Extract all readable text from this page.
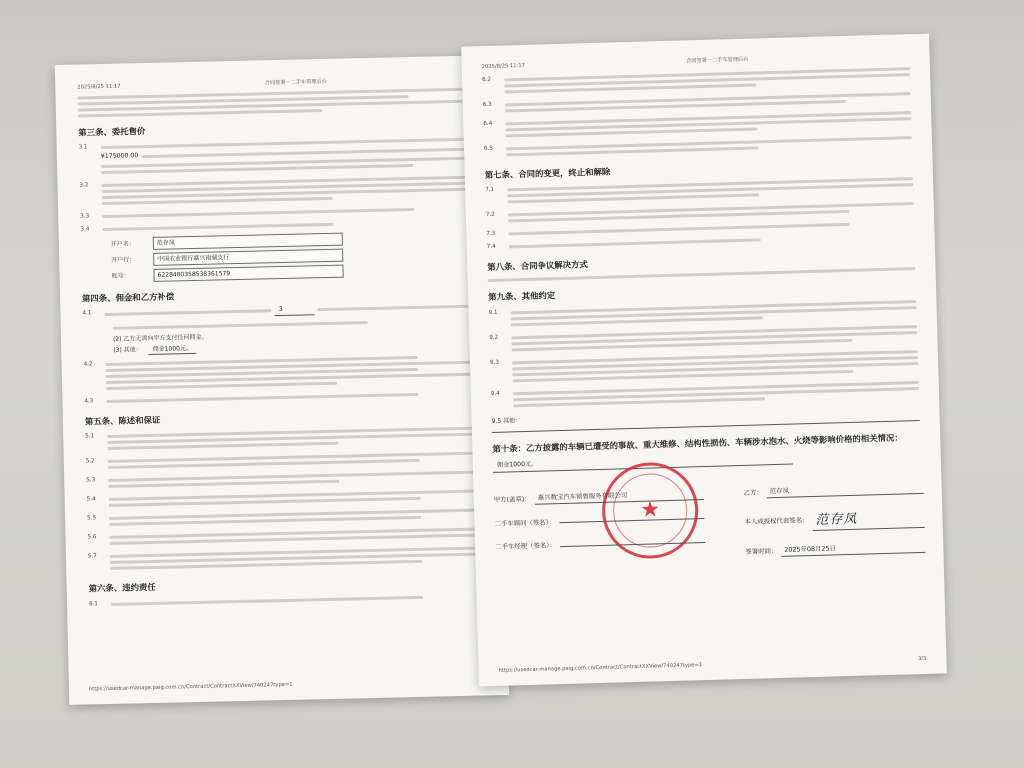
2025/8/25 11:17
合同签署－二手车管理后台
第三条、委托售价
3.1
¥175000.00
3.2
3.3
3.4
开户名：	范存凤
开户行：	中国农业银行嘉兴南湖支行
账号：	6228480358538361579
第四条、佣金和乙方补偿
4.1
3
(2) 乙方无需向甲方支付任何佣金。
(3) 其他：	佣金1000元。
4.2
4.3
第五条、陈述和保证
5.1
5.2
5.3
5.4
5.5
5.6
5.7
第六条、违约责任
6.1
https://usedcar-manage.paig.com.cn/Contract/ContractXXView/740247type=1
2025/8/25 11:17
合同签署－二手车管理后台
6.2
6.3
6.4
6.5
第七条、合同的变更，终止和解除
7.1
7.2
7.3
7.4
第八条、合同争议解决方式
第九条、其他约定
9.1
9.2
9.3
9.4
9.5 其他：
第十条：乙方披露的车辆已遭受的事故、重大维修、结构性损伤、车辆涉水泡水、火烧等影响价格的相关情况：
佣金1000元。
★
甲方(盖章)：	嘉兴数宝汽车销售服务有限公司
二手车顾问（签名）：
二手车经理（签名）：
乙方：	范存凤
本人或授权代表签名： 范存凤
签署时间：	2025年08月25日
https://usedcar-manage.paig.com.cn/Contract/ContractXXView/740247type=1
3/3
